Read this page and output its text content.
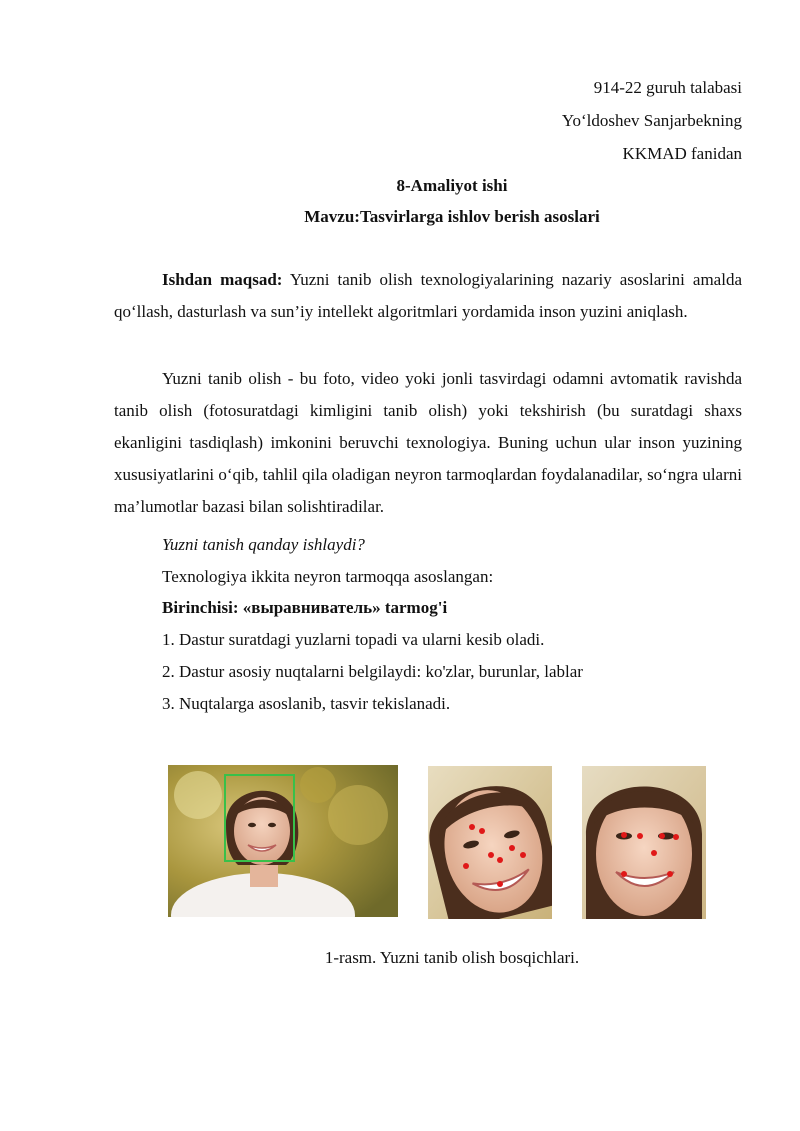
914-22 guruh talabasi
Yo‘ldoshev Sanjarbekning
KKMAD fanidan
8-Amaliyot ishi
Mavzu:Tasvirlarga ishlov berish asoslari

Ishdan maqsad: Yuzni tanib olish texnologiyalarining nazariy asoslarini amalda qo‘llash, dasturlash va sun’iy intellekt algoritmlari yordamida inson yuzini aniqlash.

Yuzni tanib olish - bu foto, video yoki jonli tasvirdagi odamni avtomatik ravishda tanib olish (fotosuratdagi kimligini tanib olish) yoki tekshirish (bu suratdagi shaxs ekanligini tasdiqlash) imkonini beruvchi texnologiya. Buning uchun ular inson yuzining xususiyatlarini o‘qib, tahlil qila oladigan neyron tarmoqlardan foydalanadilar, so‘ngra ularni ma’lumotlar bazasi bilan solishtiradilar.

Yuzni tanish qanday ishlaydi?
Texnologiya ikkita neyron tarmoqqa asoslangan:
Birinchisi: «выравниватель» tarmog'i
1. Dastur suratdagi yuzlarni topadi va ularni kesib oladi.
2. Dastur asosiy nuqtalarni belgilaydi: ko'zlar, burunlar, lablar
3. Nuqtalarga asoslanib, tasvir tekislanadi.
1-rasm. Yuzni tanib olish bosqichlari.
